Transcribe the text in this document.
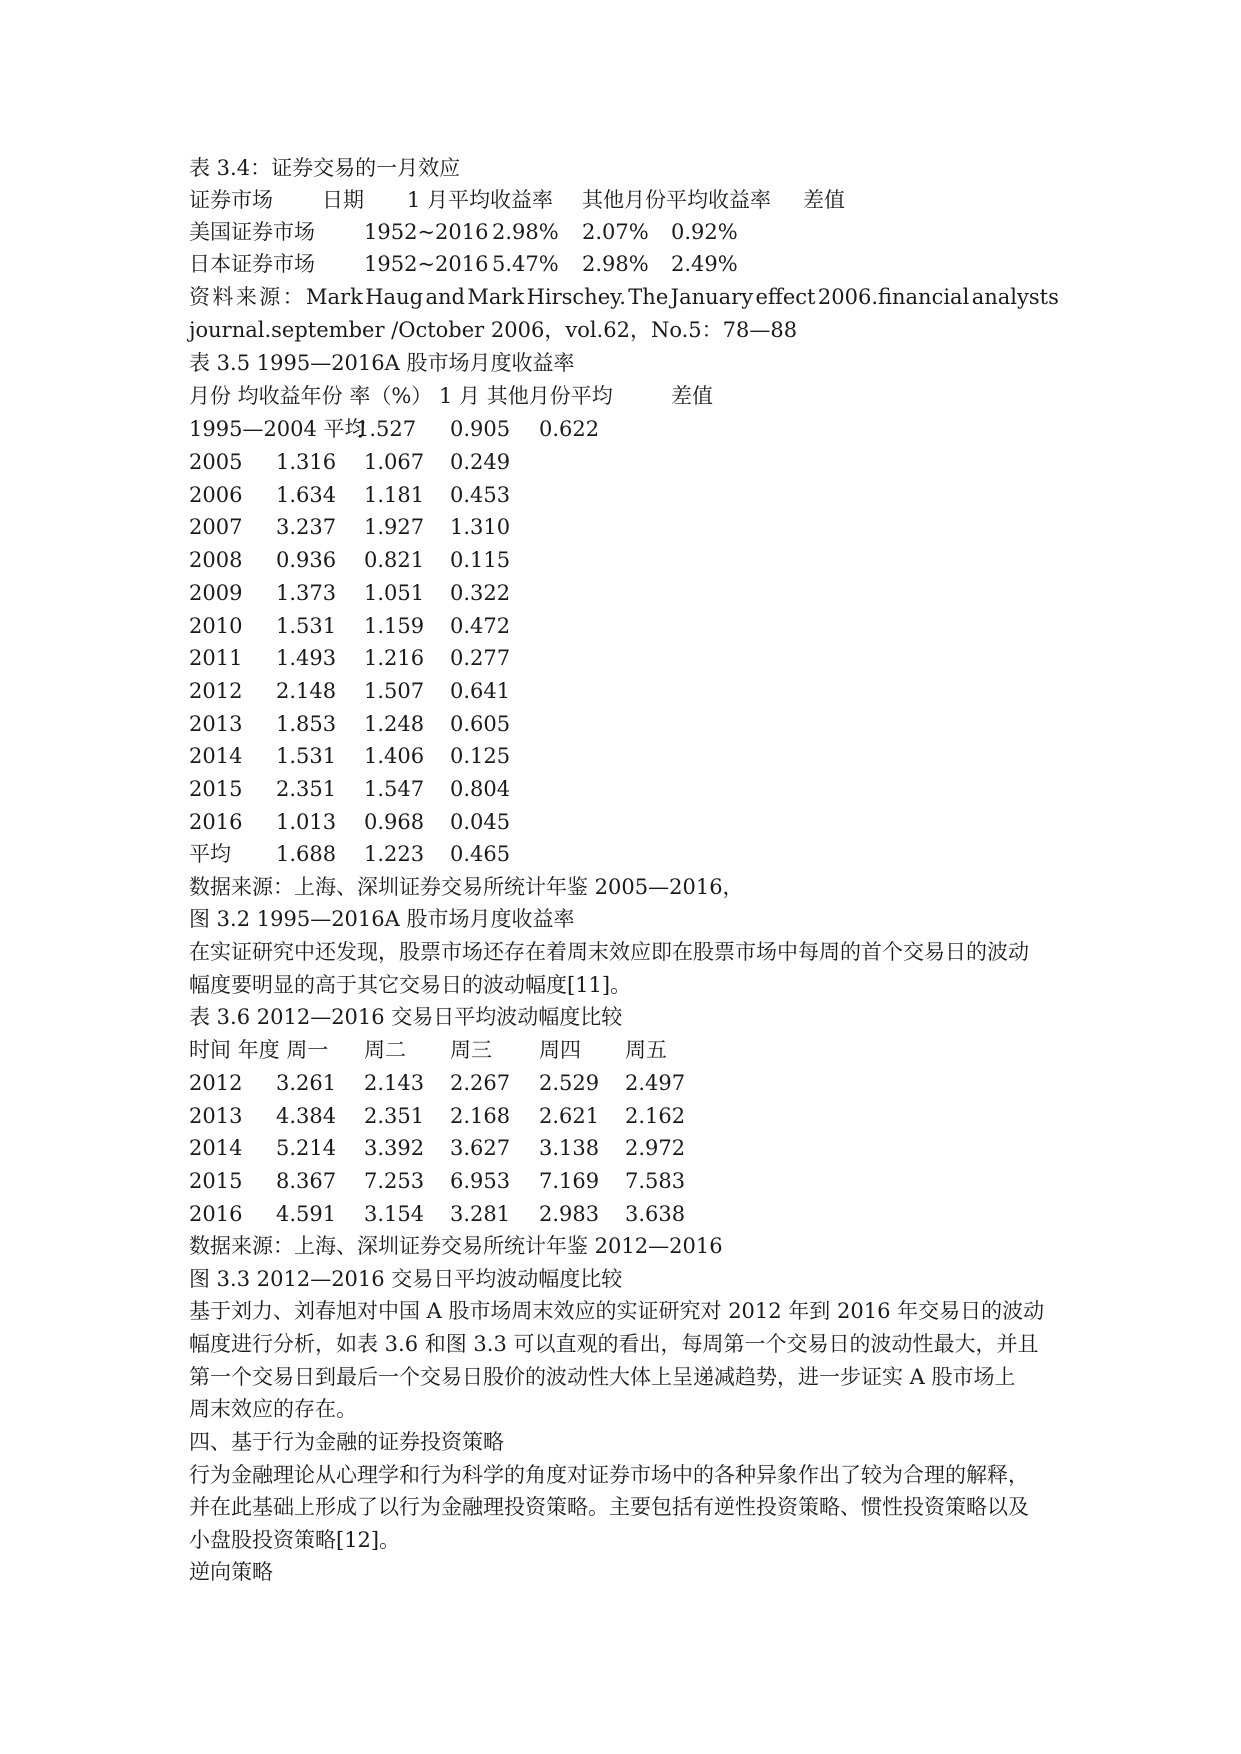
表 3.4：证券交易的一月效应
证券市场 日期 1 月平均收益率 其他月份平均收益率 差值
美国证券市场 1952~2016 2.98% 2.07% 0.92%
日本证券市场 1952~2016 5.47% 2.98% 2.49%
资 料 来 源 ： Mark Haug and Mark Hirschey. The January effect 2006.financial analysts
journal.september /October 2006，vol.62，No.5：78—88
表 3.5 1995—2016A 股市场月度收益率
月份 均收益年份 率（%） 1 月 其他月份平均	差值
1995—2004 平均
1.527 0.905 0.622
2005 1.316 1.067 0.249
2006 1.634 1.181 0.453
2007 3.237 1.927 1.310
2008 0.936 0.821 0.115
2009 1.373 1.051 0.322
2010 1.531 1.159 0.472
2011 1.493 1.216 0.277
2012 2.148 1.507 0.641
2013 1.853 1.248 0.605
2014 1.531 1.406 0.125
2015 2.351 1.547 0.804
2016 1.013 0.968 0.045
平均 1.688 1.223 0.465
数据来源：上海、深圳证券交易所统计年鉴 2005—2016，
图 3.2 1995—2016A 股市场月度收益率
在实证研究中还发现，股票市场还存在着周末效应即在股票市场中每周的首个交易日的波动
幅度要明显的高于其它交易日的波动幅度[11]。
表 3.6 2012—2016 交易日平均波动幅度比较
时间 年度 周一 周二 周三 周四 周五
2012 3.261 2.143 2.267 2.529 2.497
2013 4.384 2.351 2.168 2.621 2.162
2014 5.214 3.392 3.627 3.138 2.972
2015 8.367 7.253 6.953 7.169 7.583
2016 4.591 3.154 3.281 2.983 3.638
数据来源：上海、深圳证券交易所统计年鉴 2012—2016
图 3.3 2012—2016 交易日平均波动幅度比较
基于刘力、刘春旭对中国 A 股市场周末效应的实证研究对 2012 年到 2016 年交易日的波动
幅度进行分析，如表 3.6 和图 3.3 可以直观的看出，每周第一个交易日的波动性最大，并且
第一个交易日到最后一个交易日股价的波动性大体上呈递减趋势，进一步证实 A 股市场上
周末效应的存在。
四、基于行为金融的证券投资策略
行为金融理论从心理学和行为科学的角度对证券市场中的各种异象作出了较为合理的解释，
并在此基础上形成了以行为金融理投资策略。主要包括有逆性投资策略、惯性投资策略以及
小盘股投资策略[12]。
逆向策略
